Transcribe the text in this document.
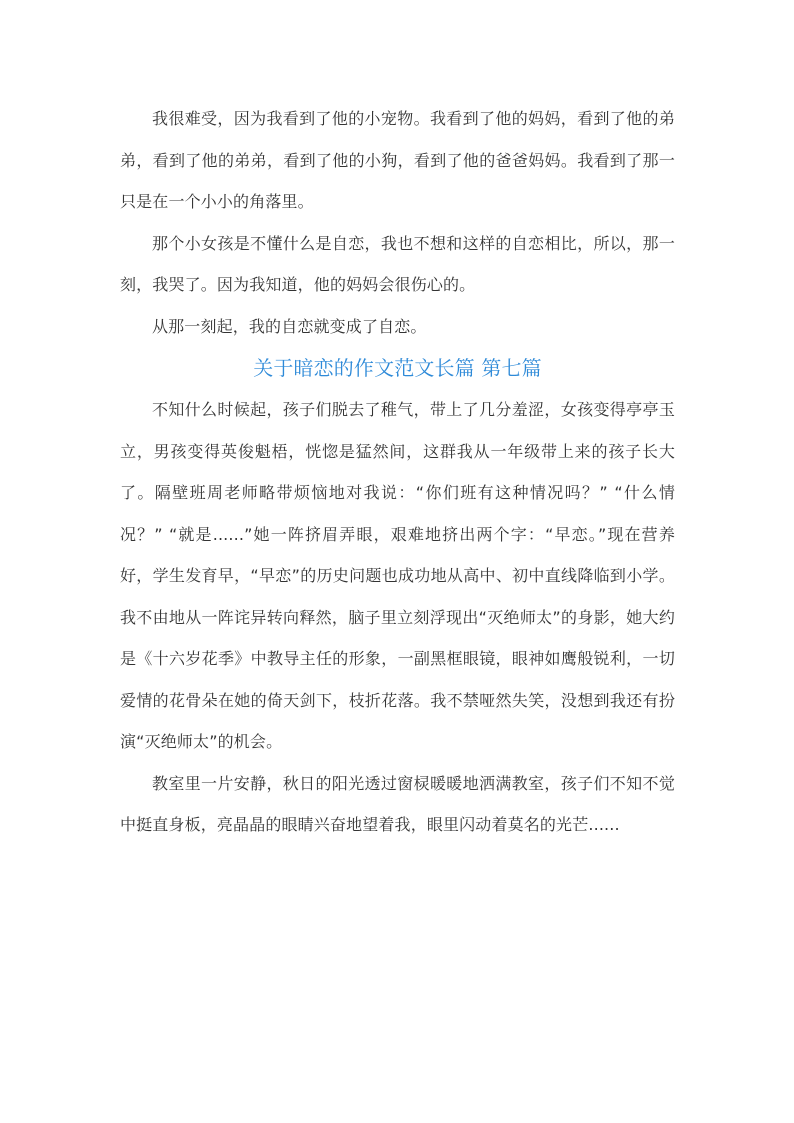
我很难受，因为我看到了他的小宠物。我看到了他的妈妈，看到了他的弟弟，看到了他的弟弟，看到了他的小狗，看到了他的爸爸妈妈。我看到了那一只是在一个小小的角落里。

那个小女孩是不懂什么是自恋，我也不想和这样的自恋相比，所以，那一刻，我哭了。因为我知道，他的妈妈会很伤心的。

从那一刻起，我的自恋就变成了自恋。

关于暗恋的作文范文长篇 第七篇

不知什么时候起，孩子们脱去了稚气，带上了几分羞涩，女孩变得亭亭玉立，男孩变得英俊魁梧，恍惚是猛然间，这群我从一年级带上来的孩子长大了。隔壁班周老师略带烦恼地对我说：“你们班有这种情况吗？” “什么情况？” “就是......”她一阵挤眉弄眼，艰难地挤出两个字：“早恋。”现在营养好，学生发育早，“早恋”的历史问题也成功地从高中、初中直线降临到小学。我不由地从一阵诧异转向释然，脑子里立刻浮现出“灭绝师太”的身影，她大约是《十六岁花季》中教导主任的形象，一副黑框眼镜，眼神如鹰般锐利，一切爱情的花骨朵在她的倚天剑下，枝折花落。我不禁哑然失笑，没想到我还有扮演“灭绝师太”的机会。

教室里一片安静，秋日的阳光透过窗棂暖暖地洒满教室，孩子们不知不觉中挺直身板，亮晶晶的眼睛兴奋地望着我，眼里闪动着莫名的光芒......
